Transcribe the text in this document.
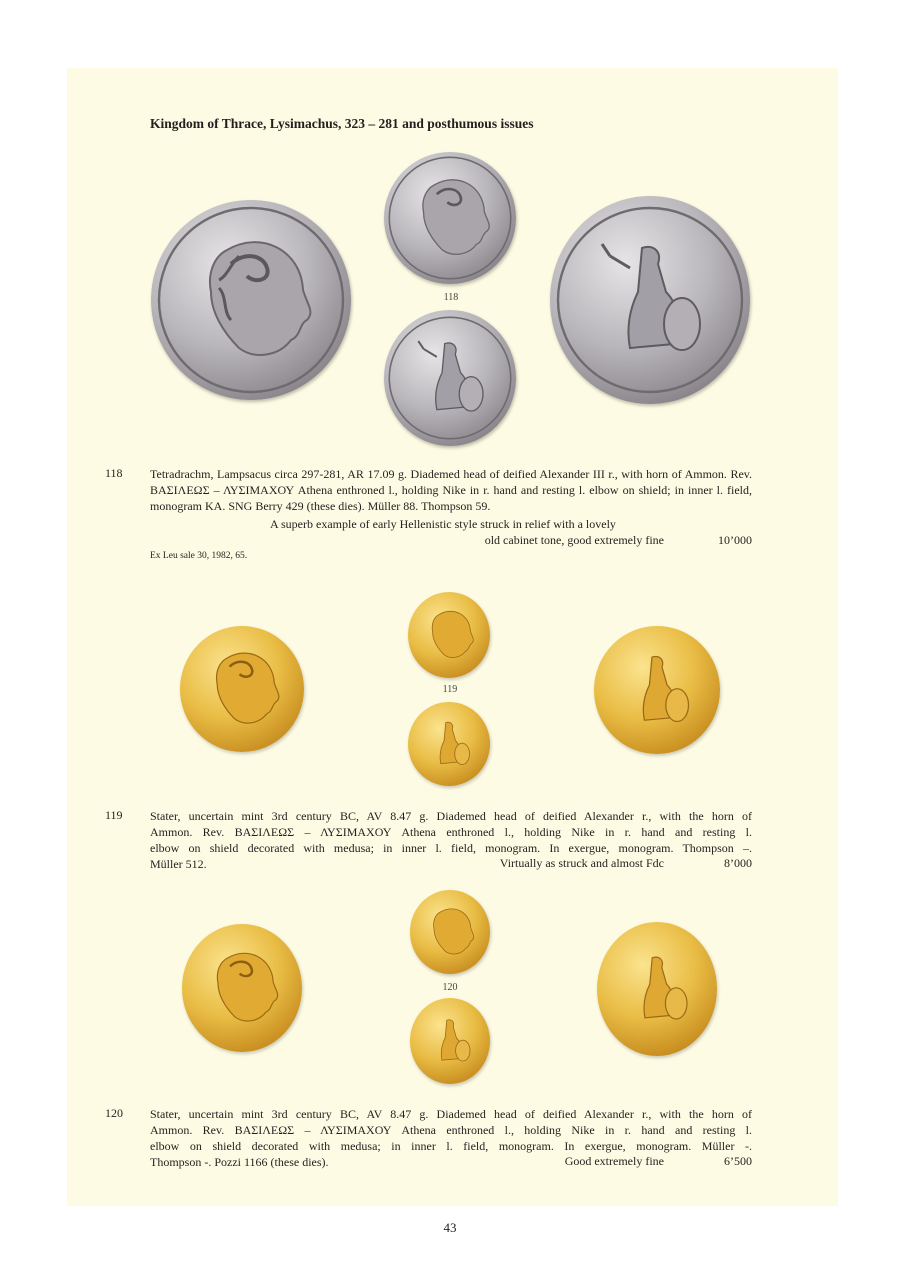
Kingdom of Thrace, Lysimachus, 323 – 281 and posthumous issues
118
118 Tetradrachm, Lampsacus circa 297-281, AR 17.09 g. Diademed head of deified Alexander III r., with horn of Ammon. Rev. ΒΑΣΙΛΕΩΣ – ΛΥΣΙΜΑΧΟΥ Athena enthroned l., holding Nike in r. hand and resting l. elbow on shield; in inner l. field, monogram KA. SNG Berry 429 (these dies). Müller 88. Thompson 59.
A superb example of early Hellenistic style struck in relief with a lovely
old cabinet tone, good extremely fine	10’000
Ex Leu sale 30, 1982, 65.
119
119 Stater, uncertain mint 3rd century BC, AV 8.47 g. Diademed head of deified Alexander r., with the horn of
Ammon. Rev. ΒΑΣΙΛΕΩΣ – ΛΥΣΙΜΑΧΟΥ Athena enthroned l., holding Nike in r. hand and resting l.
elbow on shield decorated with medusa; in inner l. field, monogram. In exergue, monogram. Thompson –.
Müller 512.	Virtually as struck and almost Fdc	8’000
120
120 Stater, uncertain mint 3rd century BC, AV 8.47 g. Diademed head of deified Alexander r., with the horn of
Ammon. Rev. ΒΑΣΙΛΕΩΣ – ΛΥΣΙΜΑΧΟΥ Athena enthroned l., holding Nike in r. hand and resting l.
elbow on shield decorated with medusa; in inner l. field, monogram. In exergue, monogram. Müller -.
Thompson -. Pozzi 1166 (these dies).	Good extremely fine	6’500
43
